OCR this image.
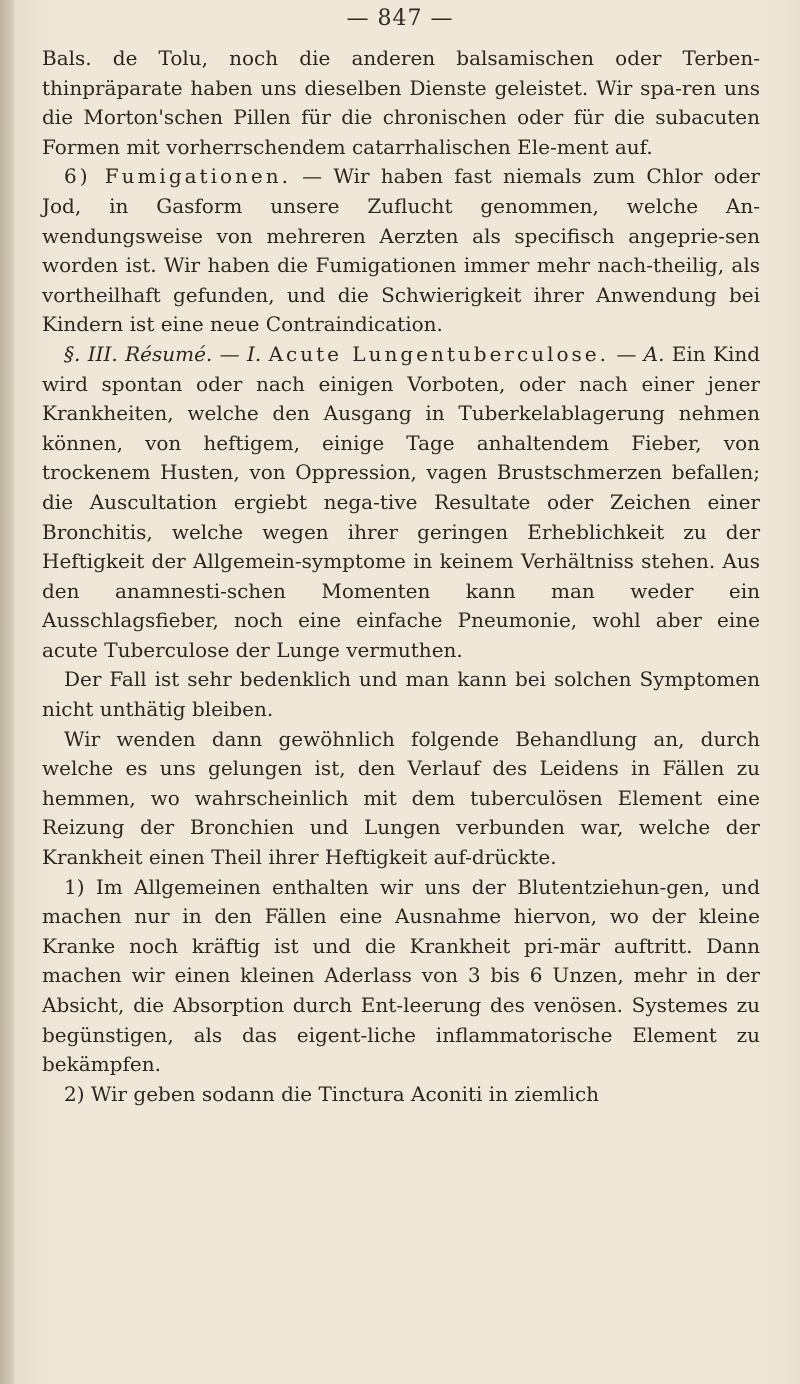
— 847 —

Bals. de Tolu, noch die anderen balsamischen oder Terben-thinpräparate haben uns dieselben Dienste geleistet. Wir spa-ren uns die Morton'schen Pillen für die chronischen oder für die subacuten Formen mit vorherrschendem catarrhalischen Ele-ment auf.

6) Fumigationen. — Wir haben fast niemals zum Chlor oder Jod, in Gasform unsere Zuflucht genommen, welche An-wendungsweise von mehreren Aerzten als specifisch angeprie-sen worden ist. Wir haben die Fumigationen immer mehr nach-theilig, als vortheilhaft gefunden, und die Schwierigkeit ihrer Anwendung bei Kindern ist eine neue Contraindication.

§. III. Résumé. — I. Acute Lungentuberculose. — A. Ein Kind wird spontan oder nach einigen Vorboten, oder nach einer jener Krankheiten, welche den Ausgang in Tuberkelablagerung nehmen können, von heftigem, einige Tage anhaltendem Fieber, von trockenem Husten, von Oppression, vagen Brustschmerzen befallen; die Auscultation ergiebt nega-tive Resultate oder Zeichen einer Bronchitis, welche wegen ihrer geringen Erheblichkeit zu der Heftigkeit der Allgemein-symptome in keinem Verhältniss stehen. Aus den anamnesti-schen Momenten kann man weder ein Ausschlagsfieber, noch eine einfache Pneumonie, wohl aber eine acute Tuberculose der Lunge vermuthen.

Der Fall ist sehr bedenklich und man kann bei solchen Symptomen nicht unthätig bleiben.

Wir wenden dann gewöhnlich folgende Behandlung an, durch welche es uns gelungen ist, den Verlauf des Leidens in Fällen zu hemmen, wo wahrscheinlich mit dem tuberculösen Element eine Reizung der Bronchien und Lungen verbunden war, welche der Krankheit einen Theil ihrer Heftigkeit auf-drückte.

1) Im Allgemeinen enthalten wir uns der Blutentziehun-gen, und machen nur in den Fällen eine Ausnahme hiervon, wo der kleine Kranke noch kräftig ist und die Krankheit pri-mär auftritt. Dann machen wir einen kleinen Aderlass von 3 bis 6 Unzen, mehr in der Absicht, die Absorption durch Ent-leerung des venösen. Systemes zu begünstigen, als das eigent-liche inflammatorische Element zu bekämpfen.

2) Wir geben sodann die Tinctura Aconiti in ziemlich
